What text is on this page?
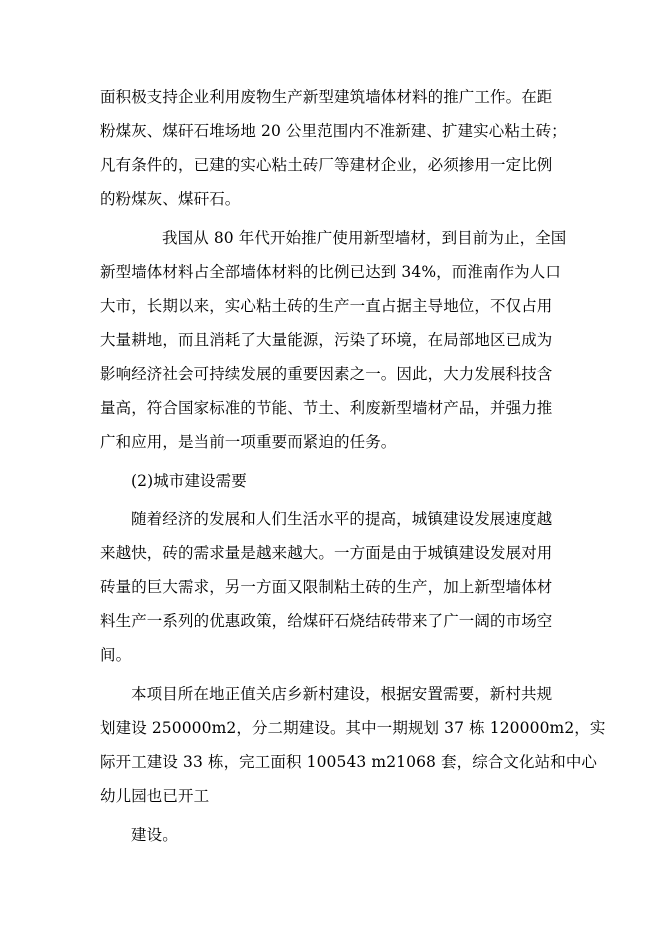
面积极支持企业利用废物生产新型建筑墙体材料的推广工作。在距
粉煤灰、煤矸石堆场地 20 公里范围内不准新建、扩建实心粘土砖；
凡有条件的，已建的实心粘土砖厂等建材企业，必须掺用一定比例
的粉煤灰、煤矸石。
我国从 80 年代开始推广使用新型墙材，到目前为止，全国
新型墙体材料占全部墙体材料的比例已达到 34%，而淮南作为人口
大市，长期以来，实心粘土砖的生产一直占据主导地位，不仅占用
大量耕地，而且消耗了大量能源，污染了环境，在局部地区已成为
影响经济社会可持续发展的重要因素之一。因此，大力发展科技含
量高，符合国家标准的节能、节土、利废新型墙材产品，并强力推
广和应用，是当前一项重要而紧迫的任务。
(2)城市建设需要
随着经济的发展和人们生活水平的提高，城镇建设发展速度越
来越快，砖的需求量是越来越大。一方面是由于城镇建设发展对用
砖量的巨大需求，另一方面又限制粘土砖的生产，加上新型墙体材
料生产一系列的优惠政策，给煤矸石烧结砖带来了广一阔的市场空
间。
本项目所在地正值关店乡新村建设，根据安置需要，新村共规
划建设 250000m2，分二期建设。其中一期规划 37 栋 120000m2，实
际开工建设 33 栋，完工面积 100543 m21068 套，综合文化站和中心
幼儿园也已开工
建设。
